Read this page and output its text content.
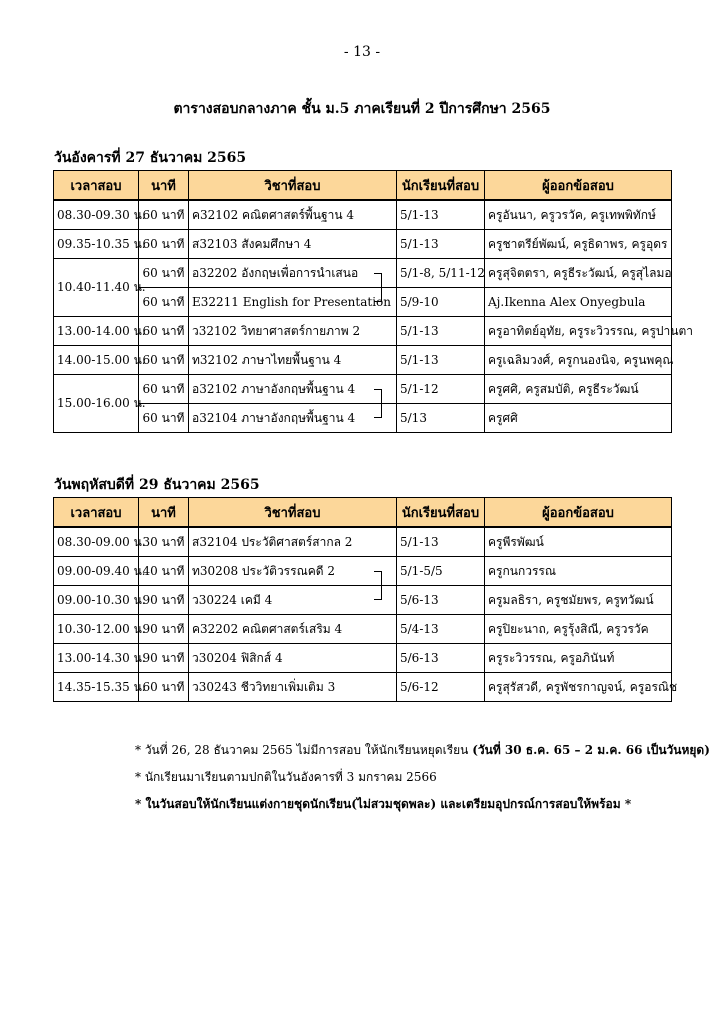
- 13 -
ตารางสอบกลางภาค ชั้น ม.5 ภาคเรียนที่ 2 ปีการศึกษา 2565
วันอังคารที่ 27 ธันวาคม 2565
เวลาสอบ	นาที	วิชาที่สอบ	นักเรียนที่สอบ	ผู้ออกข้อสอบ
08.30-09.30 น.	60 นาที	ค32102 คณิตศาสตร์พื้นฐาน 4	5/1-13	ครูอันนา, ครูวรวัค, ครูเทพพิทักษ์
09.35-10.35 น.	60 นาที	ส32103 สังคมศึกษา 4	5/1-13	ครูชาตรีย์พัฒน์, ครูธิดาพร, ครูอุดร
10.40-11.40 น.	60 นาที	อ32202 อังกฤษเพื่อการนำเสนอ	5/1-8, 5/11-12	ครูสุจิตตรา, ครูธีระวัฒน์, ครูสุไลมอ
	60 นาที	E32211 English for Presentation	5/9-10	Aj.Ikenna Alex Onyegbula
13.00-14.00 น.	60 นาที	ว32102 วิทยาศาสตร์กายภาพ 2	5/1-13	ครูอาทิตย์อุทัย, ครูระวิวรรณ, ครูปานตา
14.00-15.00 น.	60 นาที	ท32102 ภาษาไทยพื้นฐาน 4	5/1-13	ครูเฉลิมวงศ์, ครูกนองนิจ, ครูนพคุณ
15.00-16.00 น.	60 นาที	อ32102 ภาษาอังกฤษพื้นฐาน 4	5/1-12	ครูศศิ, ครูสมบัติ, ครูธีระวัฒน์
	60 นาที	อ32104 ภาษาอังกฤษพื้นฐาน 4	5/13	ครูศศิ
วันพฤหัสบดีที่ 29 ธันวาคม 2565
เวลาสอบ	นาที	วิชาที่สอบ	นักเรียนที่สอบ	ผู้ออกข้อสอบ
08.30-09.00 น.	30 นาที	ส32104 ประวัติศาสตร์สากล 2	5/1-13	ครูพีรพัฒน์
09.00-09.40 น.	40 นาที	ท30208 ประวัติวรรณคดี 2	5/1-5/5	ครูกนกวรรณ
09.00-10.30 น.	90 นาที	ว30224 เคมี 4	5/6-13	ครูมลธิรา, ครูชมัยพร, ครูทวัฒน์
10.30-12.00 น.	90 นาที	ค32202 คณิตศาสตร์เสริม 4	5/4-13	ครูปิยะนาถ, ครูรุ้งสิณี, ครูวรวัค
13.00-14.30 น.	90 นาที	ว30204 ฟิสิกส์ 4	5/6-13	ครูระวิวรรณ, ครูอภินันท์
14.35-15.35 น.	60 นาที	ว30243 ชีววิทยาเพิ่มเติม 3	5/6-12	ครูสุรัสวดี, ครูพัชรกาญจน์, ครูอรณิช

* วันที่ 26, 28 ธันวาคม 2565 ไม่มีการสอบ ให้นักเรียนหยุดเรียน (วันที่ 30 ธ.ค. 65 – 2 ม.ค. 66 เป็นวันหยุด)

* นักเรียนมาเรียนตามปกติในวันอังคารที่ 3 มกราคม 2566

* ในวันสอบให้นักเรียนแต่งกายชุดนักเรียน(ไม่สวมชุดพละ) และเตรียมอุปกรณ์การสอบให้พร้อม *
